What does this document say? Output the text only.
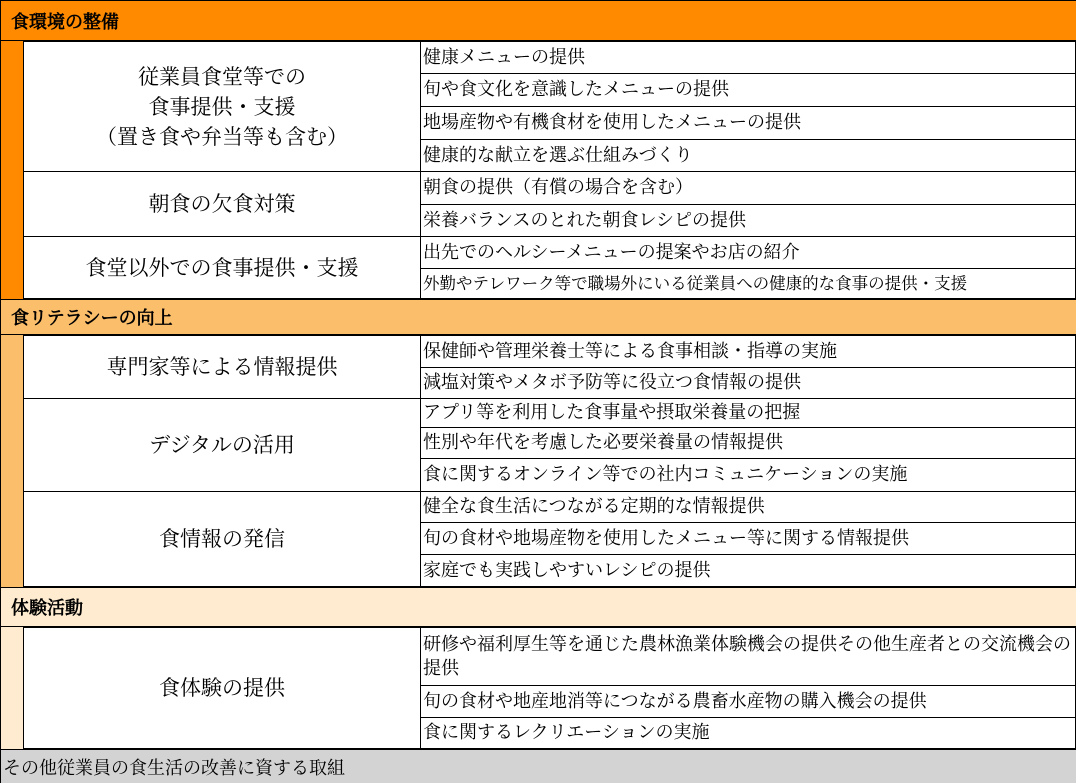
食環境の整備
従業員食堂等での
食事提供・支援
（置き食や弁当等も含む）
健康メニューの提供
旬や食文化を意識したメニューの提供
地場産物や有機食材を使用したメニューの提供
健康的な献立を選ぶ仕組みづくり
朝食の欠食対策
朝食の提供（有償の場合を含む）
栄養バランスのとれた朝食レシピの提供
食堂以外での食事提供・支援
出先でのヘルシーメニューの提案やお店の紹介
外勤やテレワーク等で職場外にいる従業員への健康的な食事の提供・支援
食リテラシーの向上
専門家等による情報提供
保健師や管理栄養士等による食事相談・指導の実施
減塩対策やメタボ予防等に役立つ食情報の提供
デジタルの活用
アプリ等を利用した食事量や摂取栄養量の把握
性別や年代を考慮した必要栄養量の情報提供
食に関するオンライン等での社内コミュニケーションの実施
食情報の発信
健全な食生活につながる定期的な情報提供
旬の食材や地場産物を使用したメニュー等に関する情報提供
家庭でも実践しやすいレシピの提供
体験活動
食体験の提供
研修や福利厚生等を通じた農林漁業体験機会の提供その他生産者との交流機会の提供
旬の食材や地産地消等につながる農畜水産物の購入機会の提供
食に関するレクリエーションの実施
その他従業員の食生活の改善に資する取組
